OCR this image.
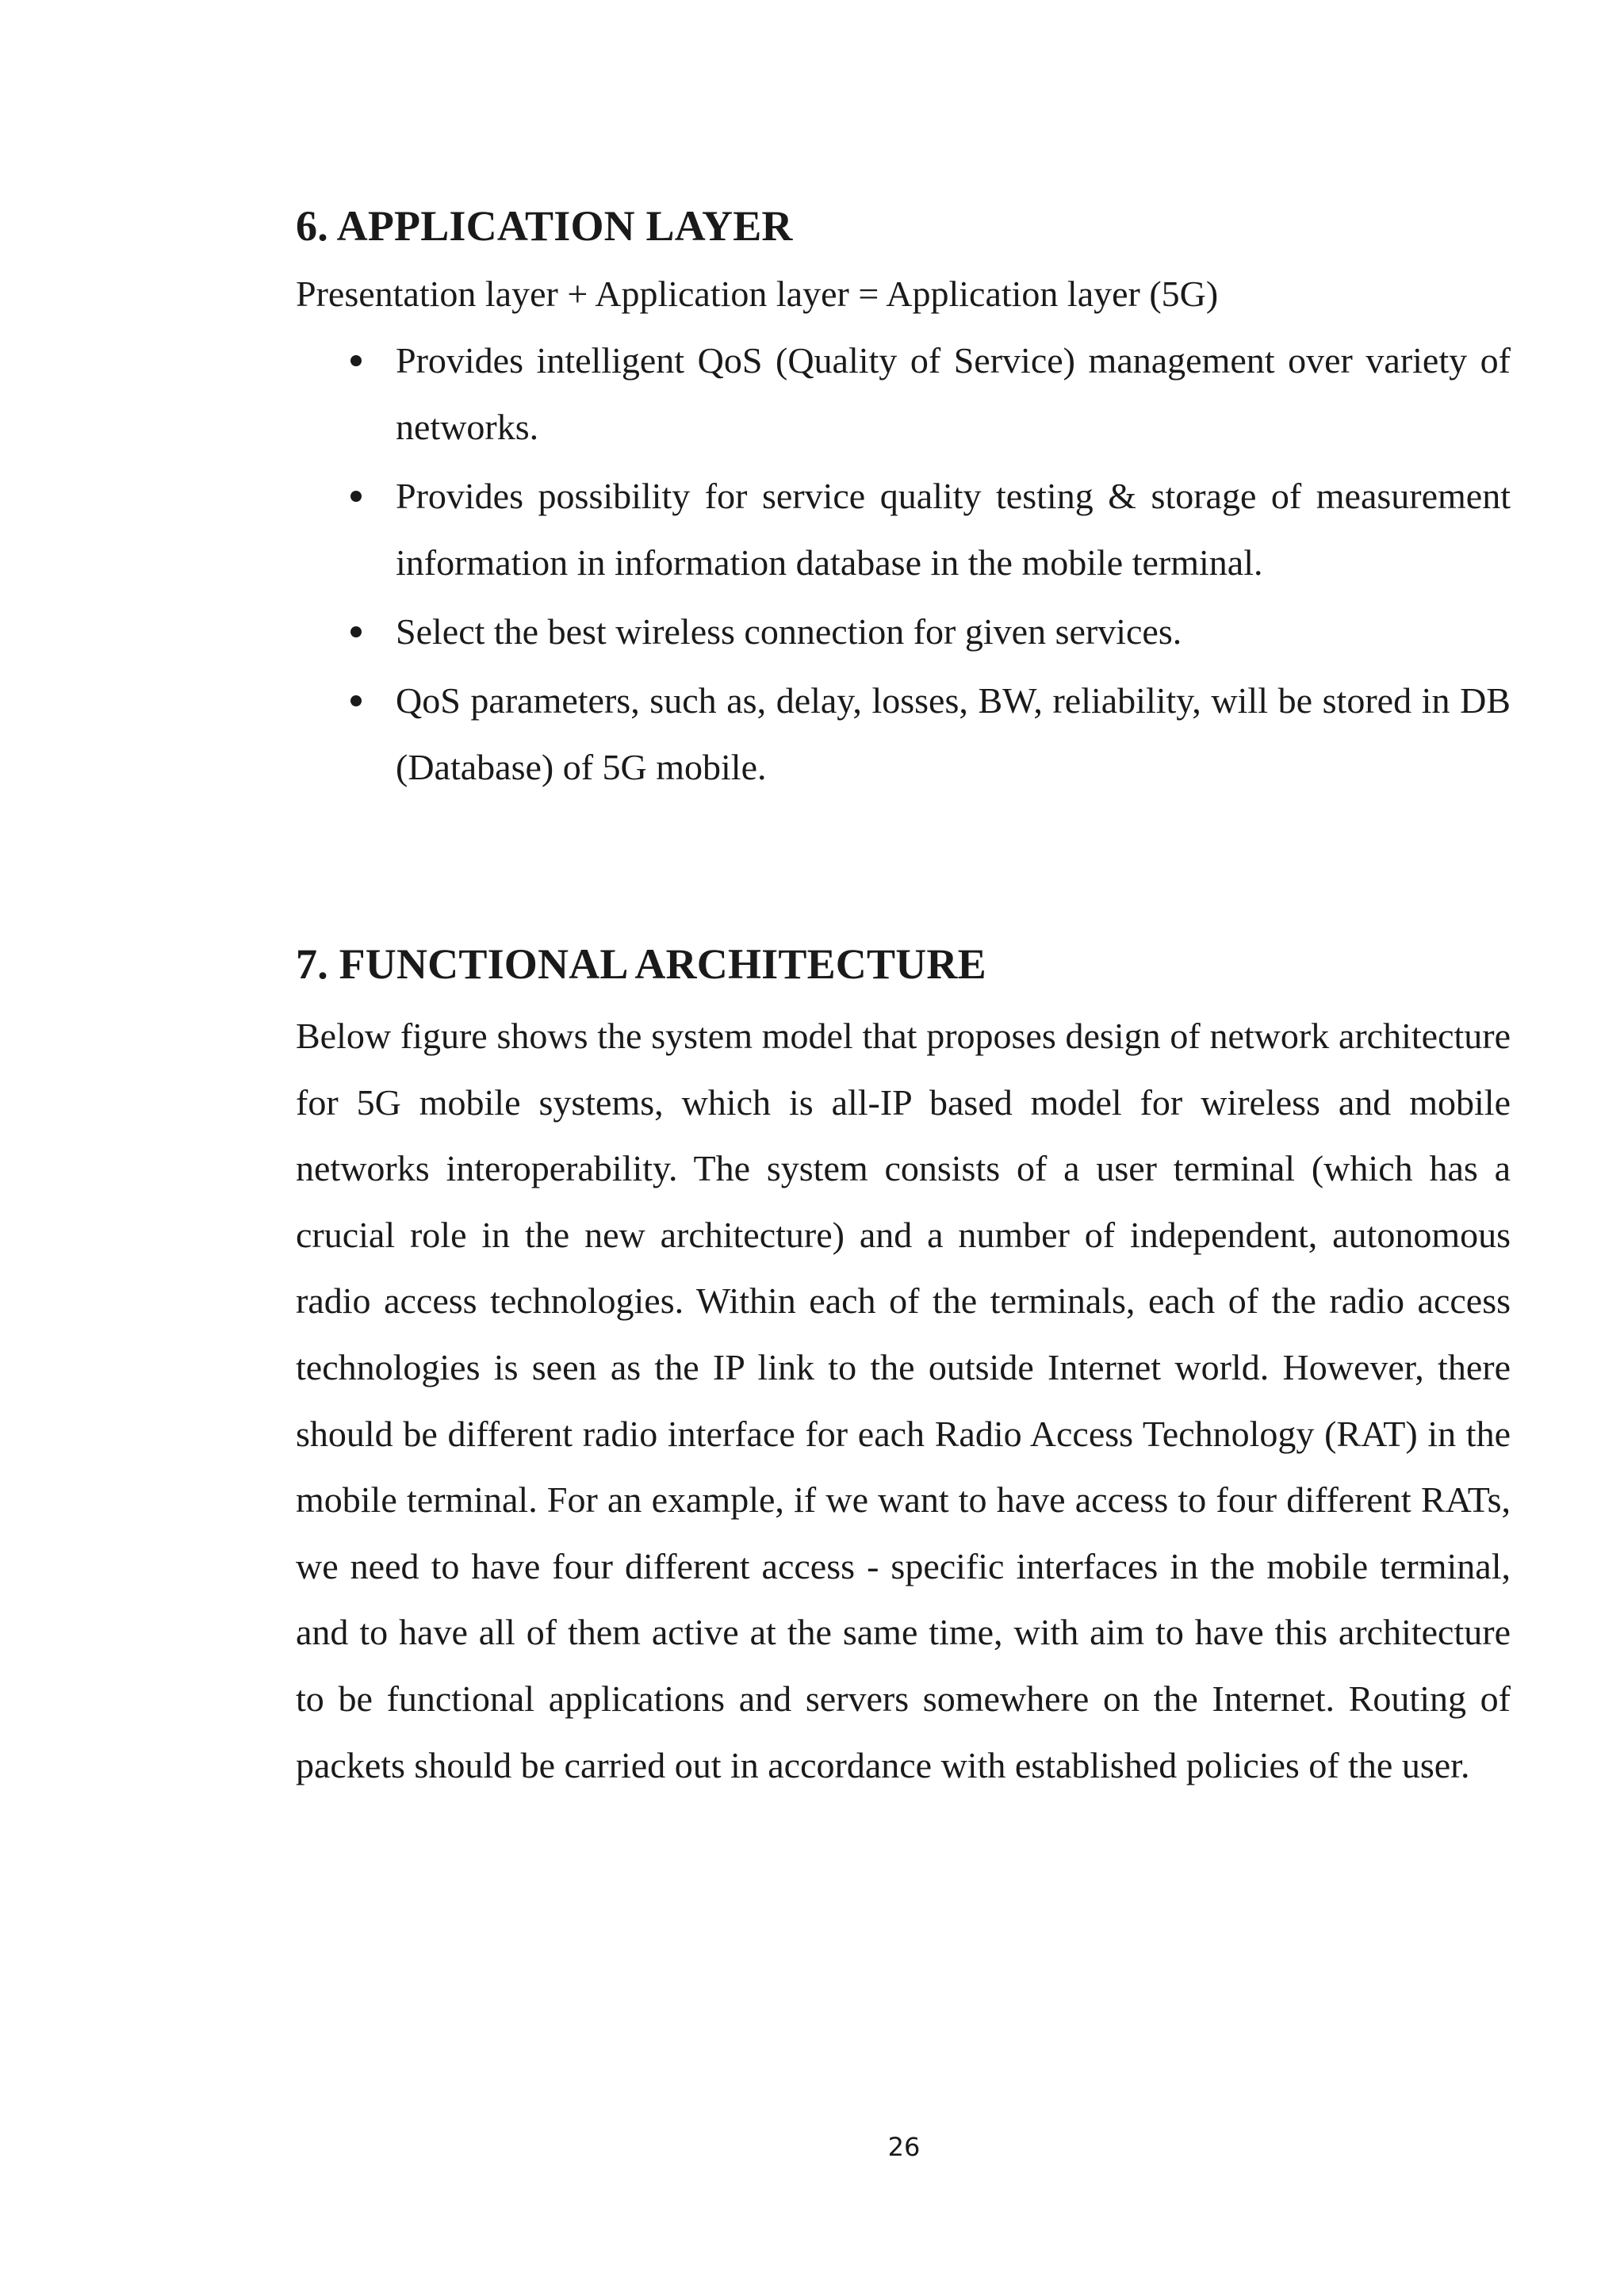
6. APPLICATION LAYER

Presentation layer + Application layer = Application layer (5G)

Provides intelligent QoS (Quality of Service) management over variety of networks.
Provides possibility for service quality testing & storage of measurement information in information database in the mobile terminal.
Select the best wireless connection for given services.
QoS parameters, such as, delay, losses, BW, reliability, will be stored in DB (Database) of 5G mobile.
7. FUNCTIONAL ARCHITECTURE

Below figure shows the system model that proposes design of network architecture for 5G mobile systems, which is all-IP based model for wireless and mobile networks interoperability. The system consists of a user terminal (which has a crucial role in the new architecture) and a number of independent, autonomous radio access technologies. Within each of the terminals, each of the radio access technologies is seen as the IP link to the outside Internet world. However, there should be different radio interface for each Radio Access Technology (RAT) in the mobile terminal. For an example, if we want to have access to four different RATs, we need to have four different access - specific interfaces in the mobile terminal, and to have all of them active at the same time, with aim to have this architecture to be functional applications and servers somewhere on the Internet. Routing of packets should be carried out in accordance with established policies of the user.

26
